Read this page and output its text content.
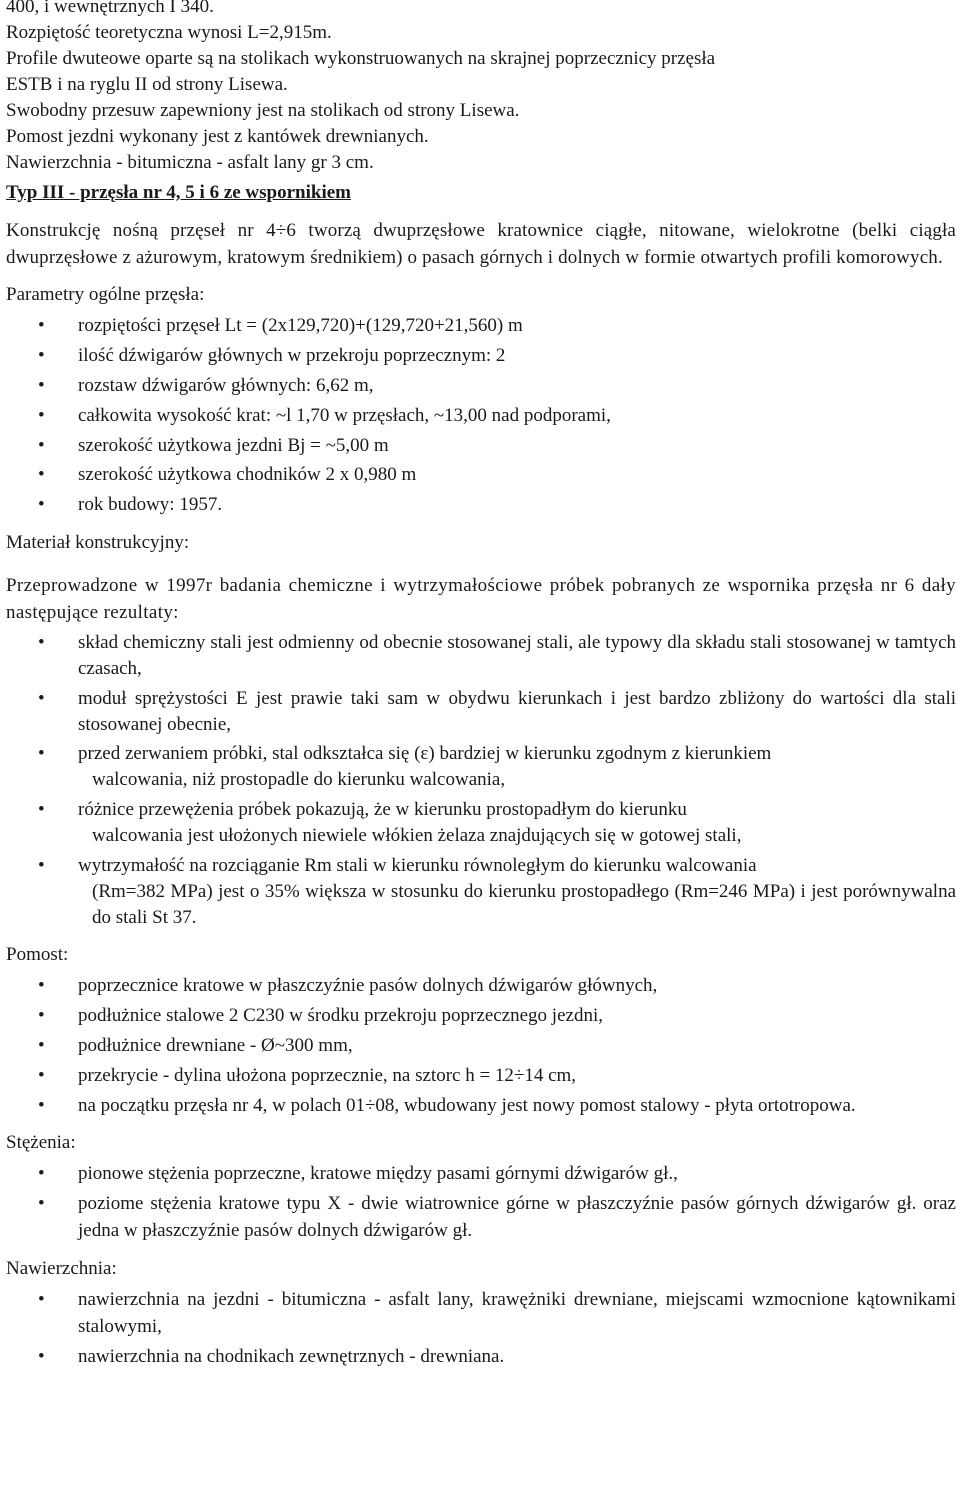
400, i wewnętrznych I 340.
Rozpiętość teoretyczna wynosi L=2,915m.
Profile dwuteowe oparte są na stolikach wykonstruowanych na skrajnej poprzecznicy przęsła
ESTB i na ryglu II od strony Lisewa.
Swobodny przesuw zapewniony jest na stolikach od strony Lisewa.
Pomost jezdni wykonany jest z kantówek drewnianych.
Nawierzchnia - bitumiczna - asfalt lany gr 3 cm.
Typ III - przęsła nr 4, 5 i 6 ze wspornikiem
Konstrukcję nośną przęseł nr 4÷6 tworzą dwuprzęsłowe kratownice ciągłe, nitowane, wielokrotne (belki ciągła dwuprzęsłowe z ażurowym, kratowym średnikiem) o pasach górnych i dolnych w formie otwartych profili komorowych.
Parametry ogólne przęsła:
• rozpiętości przęseł Lt = (2x129,720)+(129,720+21,560) m
• ilość dźwigarów głównych w przekroju poprzecznym: 2
• rozstaw dźwigarów głównych: 6,62 m,
• całkowita wysokość krat: ~l 1,70 w przęsłach, ~13,00 nad podporami,
• szerokość użytkowa jezdni Bj = ~5,00 m
• szerokość użytkowa chodników 2 x 0,980 m
• rok budowy: 1957.
Materiał konstrukcyjny:
Przeprowadzone w 1997r badania chemiczne i wytrzymałościowe próbek pobranych ze wspornika przęsła nr 6 dały następujące rezultaty:
• skład chemiczny stali jest odmienny od obecnie stosowanej stali, ale typowy dla składu stali stosowanej w tamtych czasach,
• moduł sprężystości E jest prawie taki sam w obydwu kierunkach i jest bardzo zbliżony do wartości dla stali stosowanej obecnie,
• przed zerwaniem próbki, stal odkształca się (ε) bardziej w kierunku zgodnym z kierunkiem
walcowania, niż prostopadle do kierunku walcowania,
• różnice przewężenia próbek pokazują, że w kierunku prostopadłym do kierunku
walcowania jest ułożonych niewiele włókien żelaza znajdujących się w gotowej stali,
• wytrzymałość na rozciąganie Rm stali w kierunku równoległym do kierunku walcowania
(Rm=382 MPa) jest o 35% większa w stosunku do kierunku prostopadłego (Rm=246 MPa) i jest porównywalna do stali St 37.
Pomost:
• poprzecznice kratowe w płaszczyźnie pasów dolnych dźwigarów głównych,
• podłużnice stalowe 2 C230 w środku przekroju poprzecznego jezdni,
• podłużnice drewniane - Ø~300 mm,
• przekrycie - dylina ułożona poprzecznie, na sztorc h = 12÷14 cm,
• na początku przęsła nr 4, w polach 01÷08, wbudowany jest nowy pomost stalowy - płyta ortotropowa.
Stężenia:
• pionowe stężenia poprzeczne, kratowe między pasami górnymi dźwigarów gł.,
• poziome stężenia kratowe typu X - dwie wiatrownice górne w płaszczyźnie pasów górnych dźwigarów gł. oraz jedna w płaszczyźnie pasów dolnych dźwigarów gł.
Nawierzchnia:
• nawierzchnia na jezdni - bitumiczna - asfalt lany, krawężniki drewniane, miejscami wzmocnione kątownikami stalowymi,
• nawierzchnia na chodnikach zewnętrznych - drewniana.
